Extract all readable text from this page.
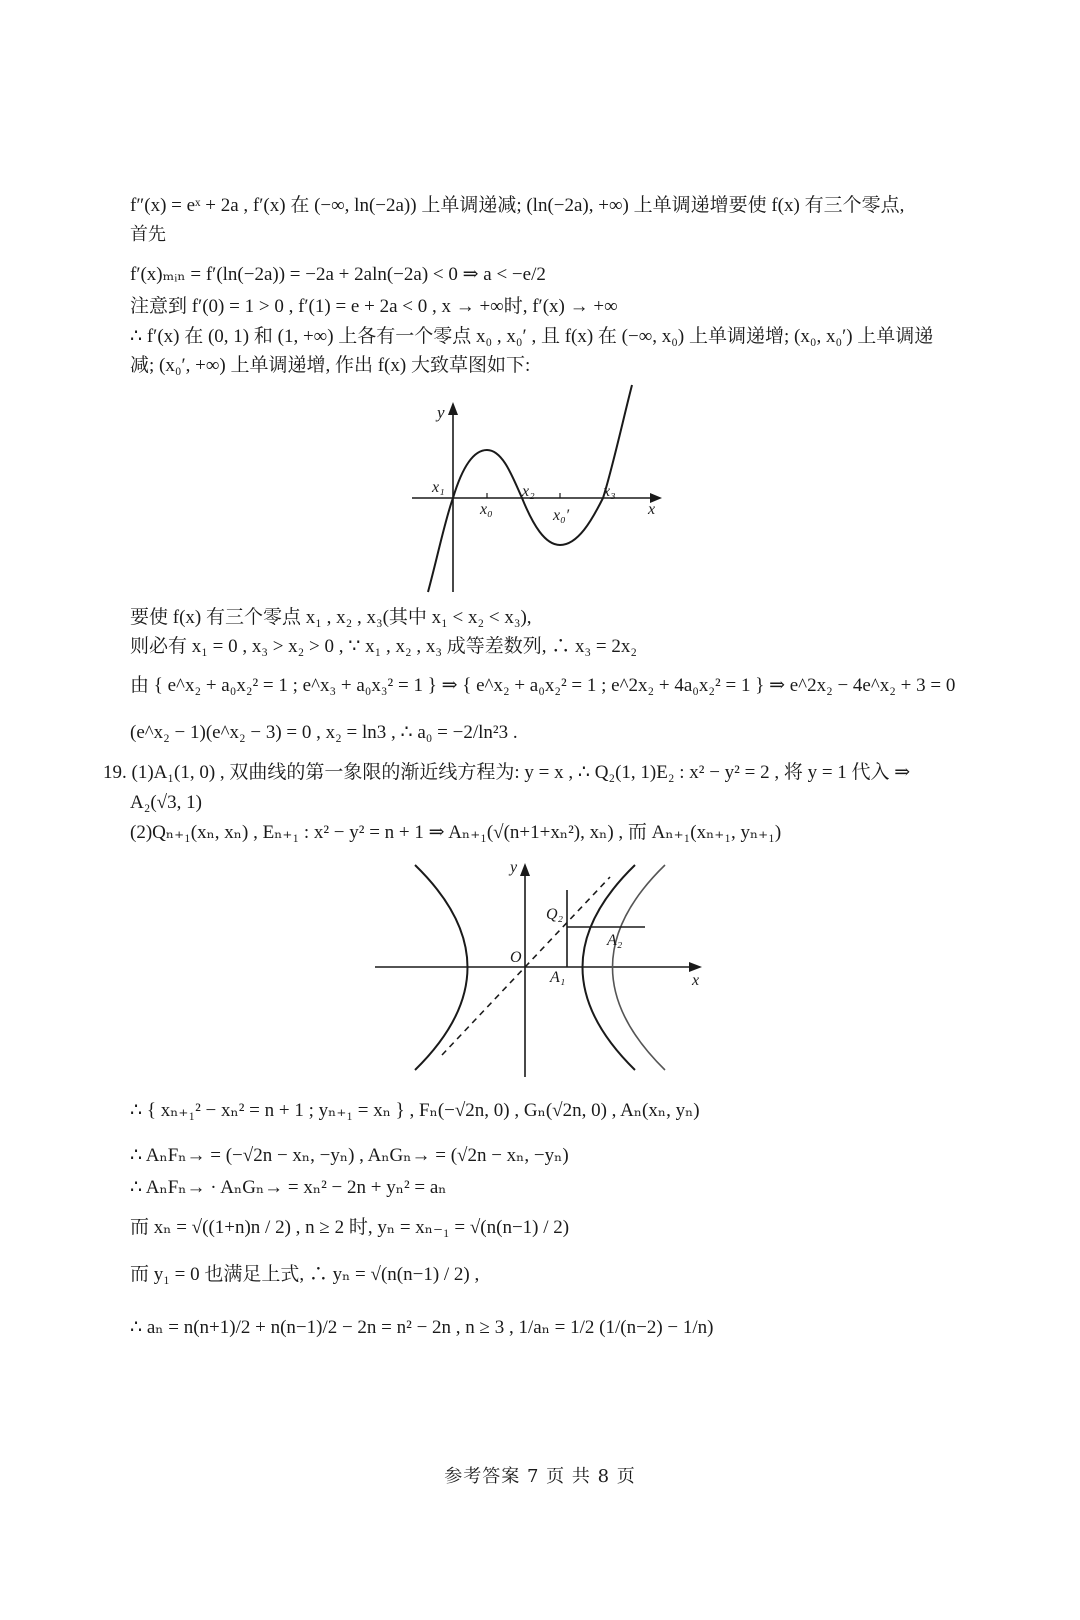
f″(x) = eˣ + 2a , f′(x) 在 (−∞, ln(−2a)) 上单调递减; (ln(−2a), +∞) 上单调递增要使 f(x) 有三个零点,
首先
f′(x)ₘᵢₙ = f′(ln(−2a)) = −2a + 2aln(−2a) < 0 ⇒ a < −e/2
注意到 f′(0) = 1 > 0 , f′(1) = e + 2a < 0 , x → +∞时, f′(x) → +∞
∴ f′(x) 在 (0, 1) 和 (1, +∞) 上各有一个零点 x₀ , x₀′ , 且 f(x) 在 (−∞, x₀) 上单调递增; (x₀, x₀′) 上单调递
减; (x₀′, +∞) 上单调递增, 作出 f(x) 大致草图如下:
y
x
x₁	x₂	x₃
x₀	x₀′
要使 f(x) 有三个零点 x₁ , x₂ , x₃(其中 x₁ < x₂ < x₃),
则必有 x₁ = 0 , x₃ > x₂ > 0 , ∵ x₁ , x₂ , x₃ 成等差数列, ∴ x₃ = 2x₂
由 { e^x₂ + a₀x₂² = 1 ; e^x₃ + a₀x₃² = 1 } ⇒ { e^x₂ + a₀x₂² = 1 ; e^2x₂ + 4a₀x₂² = 1 } ⇒ e^2x₂ − 4e^x₂ + 3 = 0
(e^x₂ − 1)(e^x₂ − 3) = 0 , x₂ = ln3 , ∴ a₀ = −2/ln²3 .
19. (1)A₁(1, 0) , 双曲线的第一象限的渐近线方程为: y = x , ∴ Q₂(1, 1)E₂ : x² − y² = 2 , 将 y = 1 代入 ⇒
A₂(√3, 1)
(2)Qₙ₊₁(xₙ, xₙ) , Eₙ₊₁ : x² − y² = n + 1 ⇒ Aₙ₊₁(√(n+1+xₙ²), xₙ) , 而 Aₙ₊₁(xₙ₊₁, yₙ₊₁)
y
x
O
Q₂
A₁
A₂
∴ { xₙ₊₁² − xₙ² = n + 1 ; yₙ₊₁ = xₙ } , Fₙ(−√2n, 0) , Gₙ(√2n, 0) , Aₙ(xₙ, yₙ)
∴ AₙFₙ→ = (−√2n − xₙ, −yₙ) , AₙGₙ→ = (√2n − xₙ, −yₙ)
∴ AₙFₙ→ · AₙGₙ→ = xₙ² − 2n + yₙ² = aₙ
而 xₙ = √((1+n)n / 2) , n ≥ 2 时, yₙ = xₙ₋₁ = √(n(n−1) / 2)
而 y₁ = 0 也满足上式, ∴ yₙ = √(n(n−1) / 2) ,
∴ aₙ = n(n+1)/2 + n(n−1)/2 − 2n = n² − 2n , n ≥ 3 , 1/aₙ = 1/2 (1/(n−2) − 1/n)
参考答案 7 页 共 8 页
